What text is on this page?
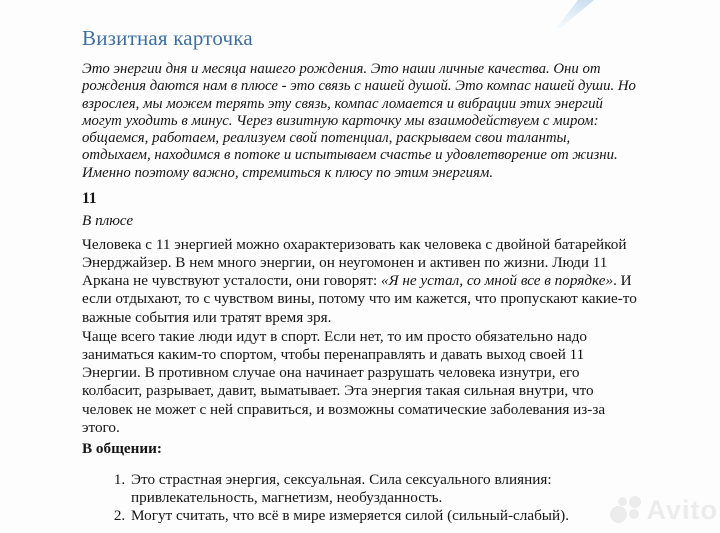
Визитная карточка

Это энергии дня и месяца нашего рождения. Это наши личные качества. Они от рождения даются нам в плюсе - это связь с нашей душой. Это компас нашей души. Но взрослея, мы можем терять эту связь, компас ломается и вибрации этих энергий могут уходить в минус. Через визитную карточку мы взаимодействуем с миром: общаемся, работаем, реализуем свой потенциал, раскрываем свои таланты, отдыхаем, находимся в потоке и испытываем счастье и удовлетворение от жизни. Именно поэтому важно, стремиться к плюсу по этим энергиям.

11
В плюсе

Человека с 11 энергией можно охарактеризовать как человека с двойной батарейкой Энерджайзер. В нем много энергии, он неугомонен и активен по жизни. Люди 11 Аркана не чувствуют усталости, они говорят: «Я не устал, со мной все в порядке». И если отдыхают, то с чувством вины, потому что им кажется, что пропускают какие-то важные события или тратят время зря.

Чаще всего такие люди идут в спорт. Если нет, то им просто обязательно надо заниматься каким-то спортом, чтобы перенаправлять и давать выход своей 11 Энергии. В противном случае она начинает разрушать человека изнутри, его колбасит, разрывает, давит, выматывает. Эта энергия такая сильная внутри, что человек не может с ней справиться, и возможны соматические заболевания из-за этого.

В общении:
1. Это страстная энергия, сексуальная. Сила сексуального влияния: привлекательность, магнетизм, необузданность.
2. Могут считать, что всё в мире измеряется силой (сильный-слабый).	Avito
